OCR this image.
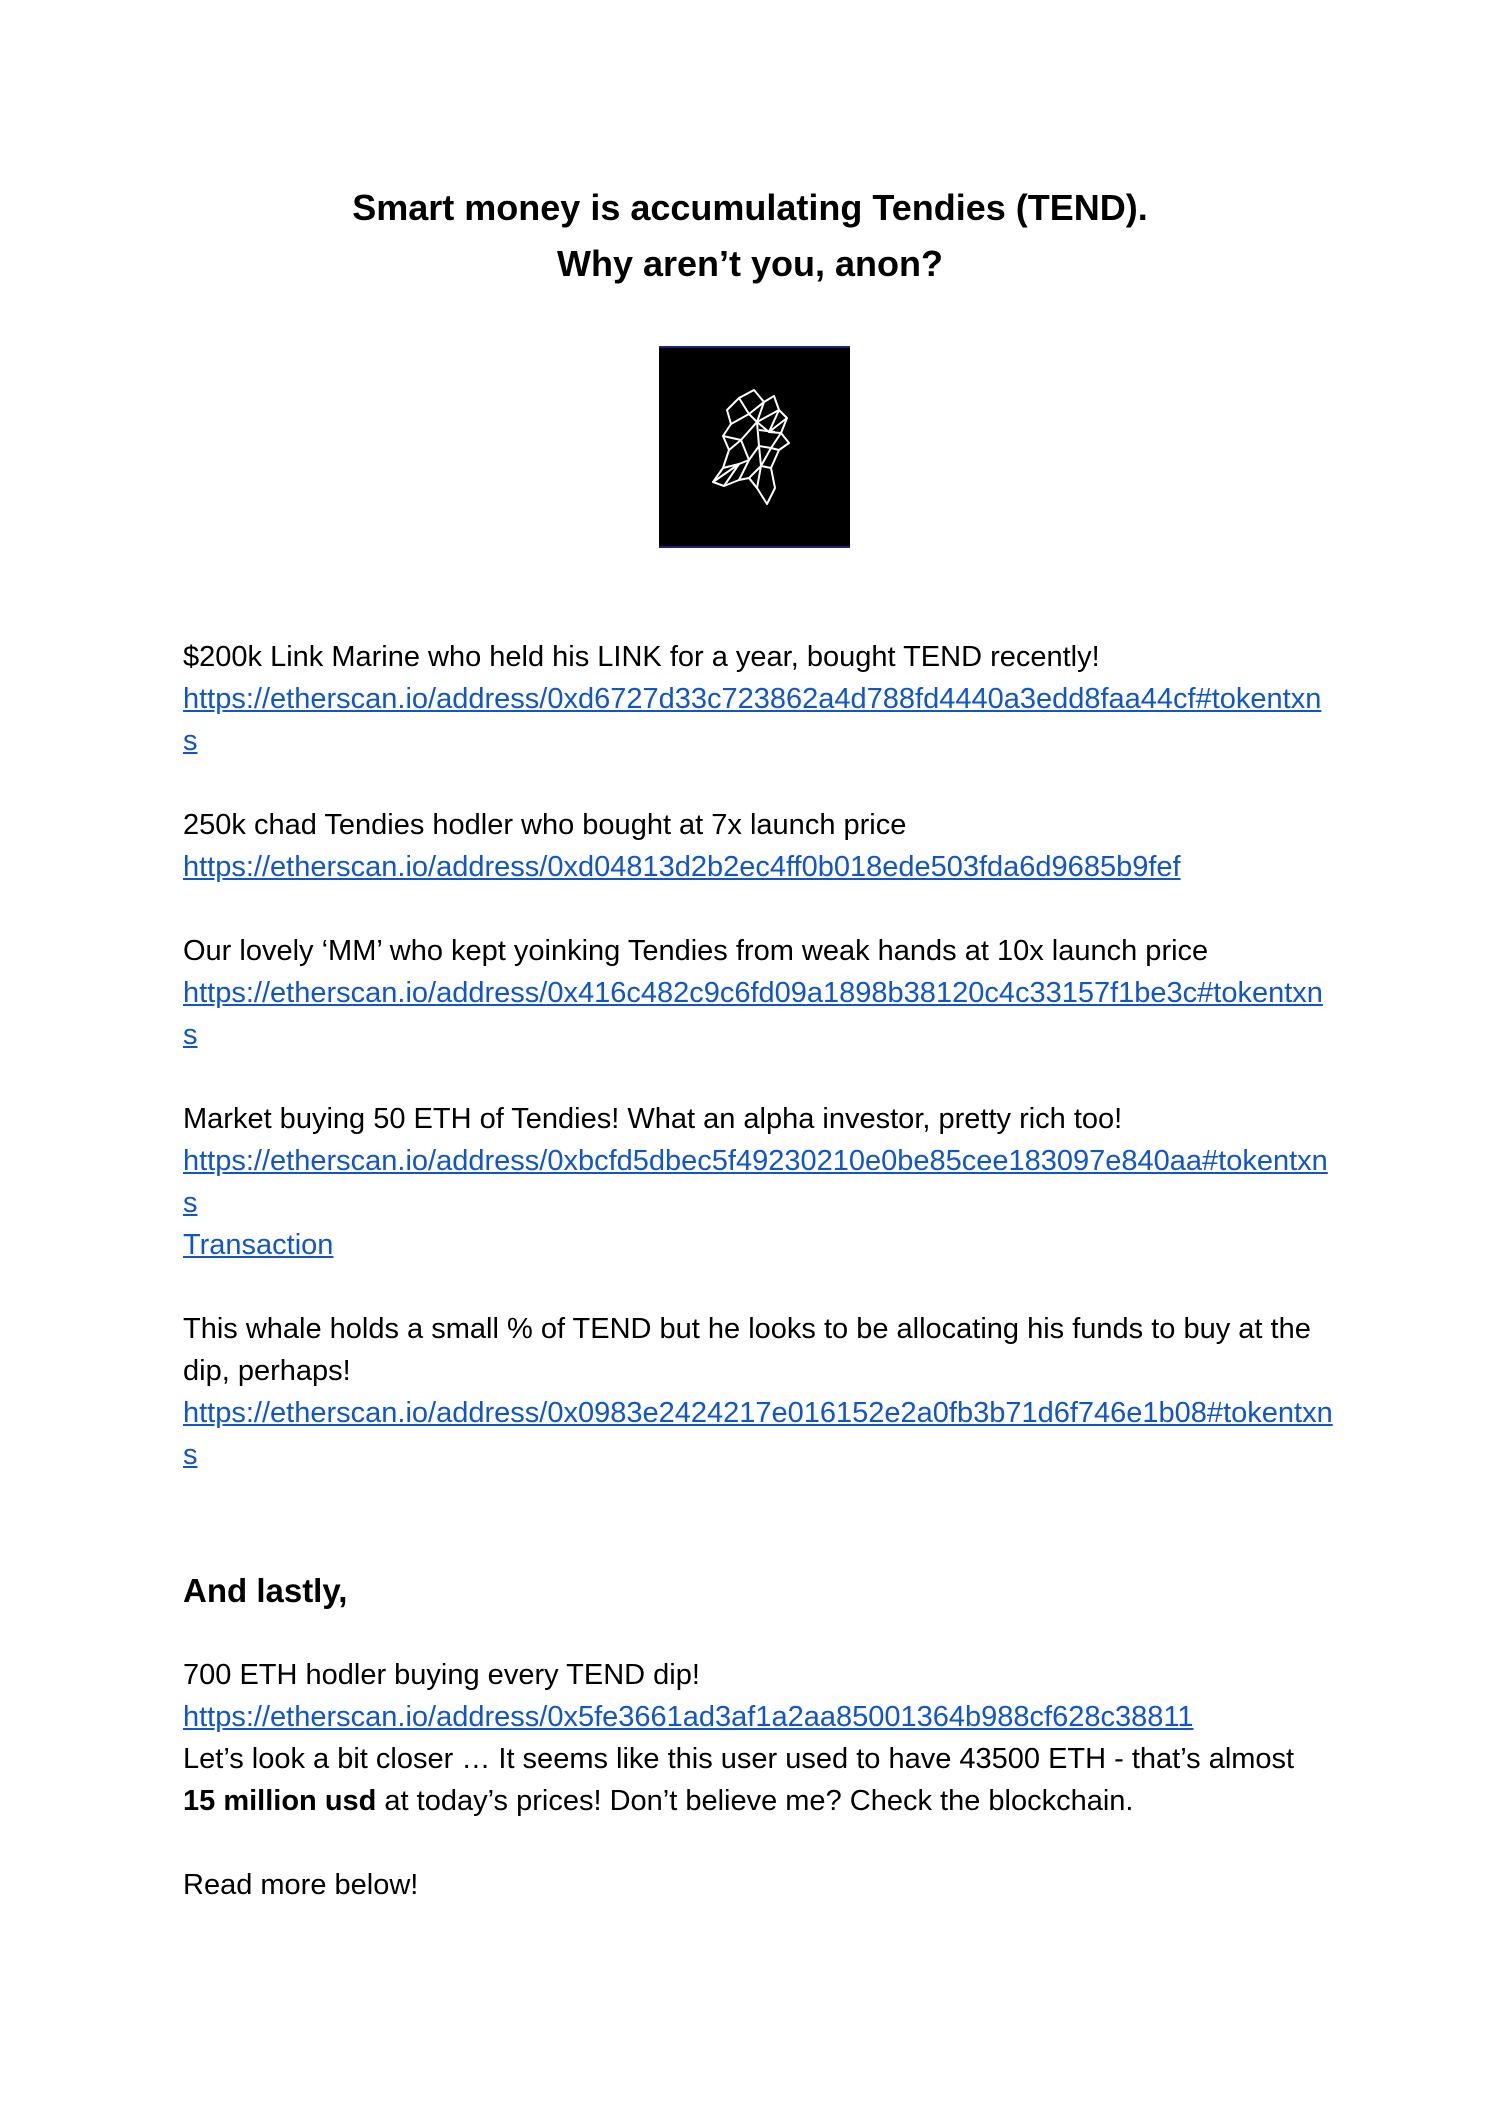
Smart money is accumulating Tendies (TEND).
Why aren’t you, anon?

$200k Link Marine who held his LINK for a year, bought TEND recently!
https://etherscan.io/address/0xd6727d33c723862a4d788fd4440a3edd8faa44cf#tokentxns

250k chad Tendies hodler who bought at 7x launch price
https://etherscan.io/address/0xd04813d2b2ec4ff0b018ede503fda6d9685b9fef

Our lovely ‘MM’ who kept yoinking Tendies from weak hands at 10x launch price
https://etherscan.io/address/0x416c482c9c6fd09a1898b38120c4c33157f1be3c#tokentxns

Market buying 50 ETH of Tendies! What an alpha investor, pretty rich too!
https://etherscan.io/address/0xbcfd5dbec5f49230210e0be85cee183097e840aa#tokentxns
Transaction

This whale holds a small % of TEND but he looks to be allocating his funds to buy at the dip, perhaps!
https://etherscan.io/address/0x0983e2424217e016152e2a0fb3b71d6f746e1b08#tokentxns

And lastly,

700 ETH hodler buying every TEND dip!
https://etherscan.io/address/0x5fe3661ad3af1a2aa85001364b988cf628c38811
Let’s look a bit closer … It seems like this user used to have 43500 ETH - that’s almost 15 million usd at today’s prices! Don’t believe me? Check the blockchain.

Read more below!
